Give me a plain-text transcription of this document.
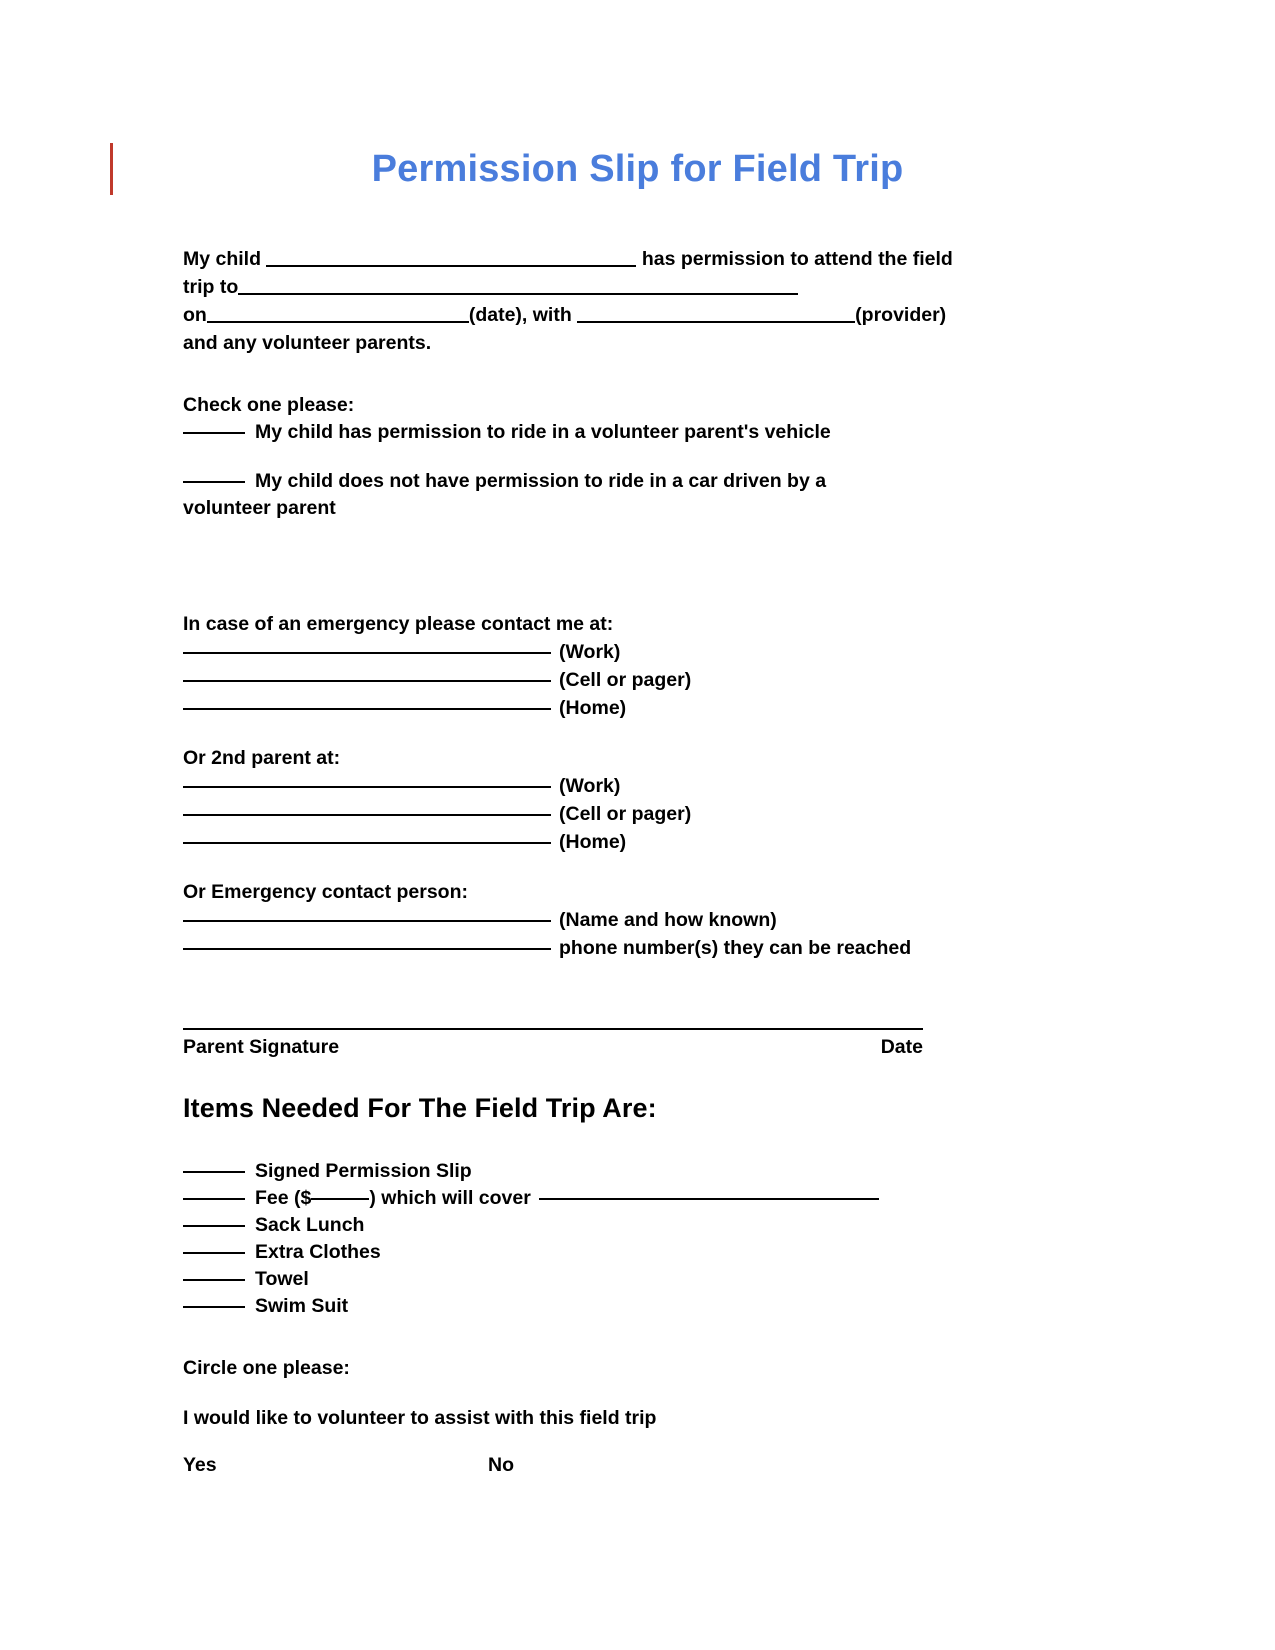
Permission Slip for Field Trip
My child	has permission to attend the field
trip to
on	(date), with	(provider)
and any volunteer parents.
Check one please:
My child has permission to ride in a volunteer parent's vehicle
My child does not have permission to ride in a car driven by a
volunteer parent
In case of an emergency please contact me at:
(Work)
(Cell or pager)
(Home)
Or 2nd parent at:
(Work)
(Cell or pager)
(Home)
Or Emergency contact person:
(Name and how known)
phone number(s) they can be reached
Parent Signature	Date
Items Needed For The Field Trip Are:
Signed Permission Slip
Fee ($	) which will cover
Sack Lunch
Extra Clothes
Towel
Swim Suit
Circle one please:
I would like to volunteer to assist with this field trip
Yes	No
